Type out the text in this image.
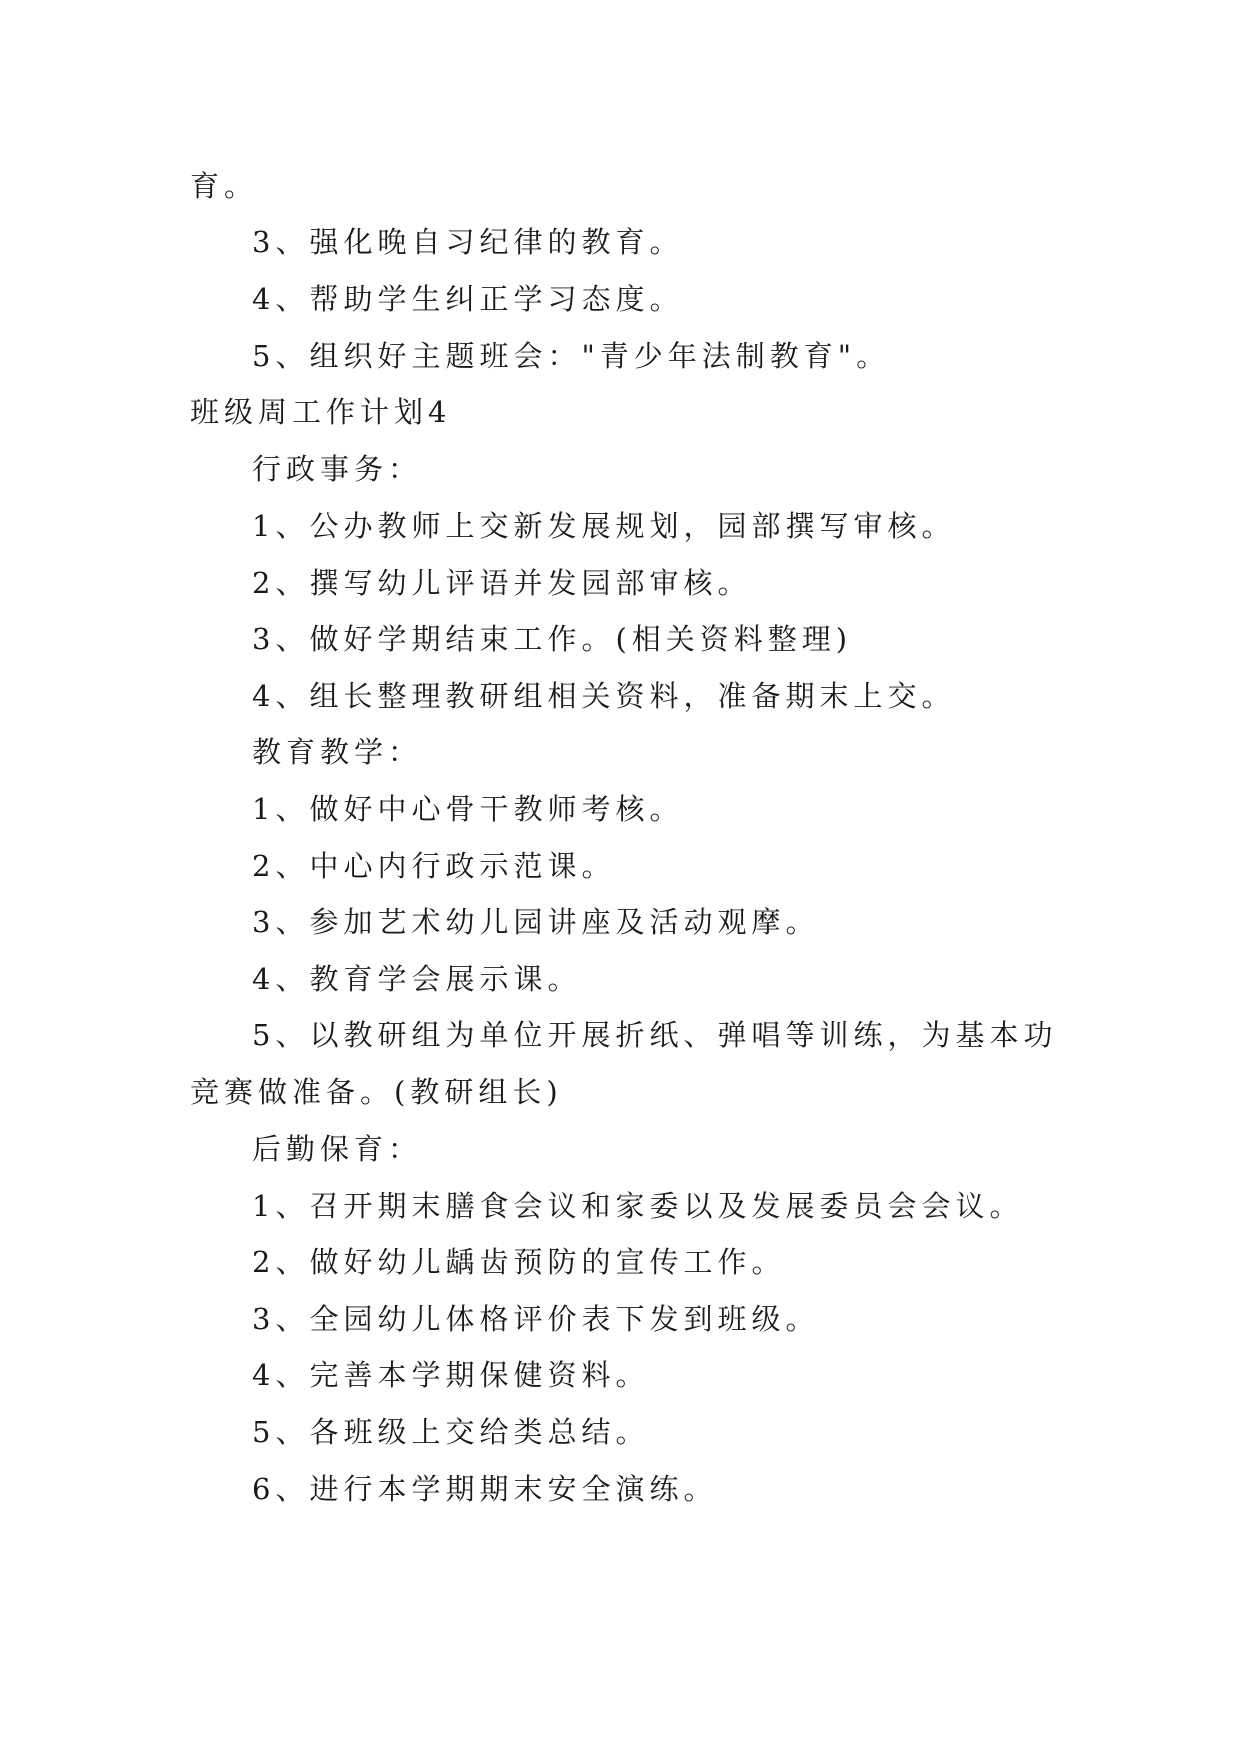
育。
3、强化晚自习纪律的教育。
4、帮助学生纠正学习态度。
5、组织好主题班会："青少年法制教育"。
班级周工作计划4
行政事务：
1、公办教师上交新发展规划，园部撰写审核。
2、撰写幼儿评语并发园部审核。
3、做好学期结束工作。(相关资料整理)
4、组长整理教研组相关资料，准备期末上交。
教育教学：
1、做好中心骨干教师考核。
2、中心内行政示范课。
3、参加艺术幼儿园讲座及活动观摩。
4、教育学会展示课。
5、以教研组为单位开展折纸、弹唱等训练，为基本功
竞赛做准备。(教研组长)
后勤保育：
1、召开期末膳食会议和家委以及发展委员会会议。
2、做好幼儿龋齿预防的宣传工作。
3、全园幼儿体格评价表下发到班级。
4、完善本学期保健资料。
5、各班级上交给类总结。
6、进行本学期期末安全演练。
